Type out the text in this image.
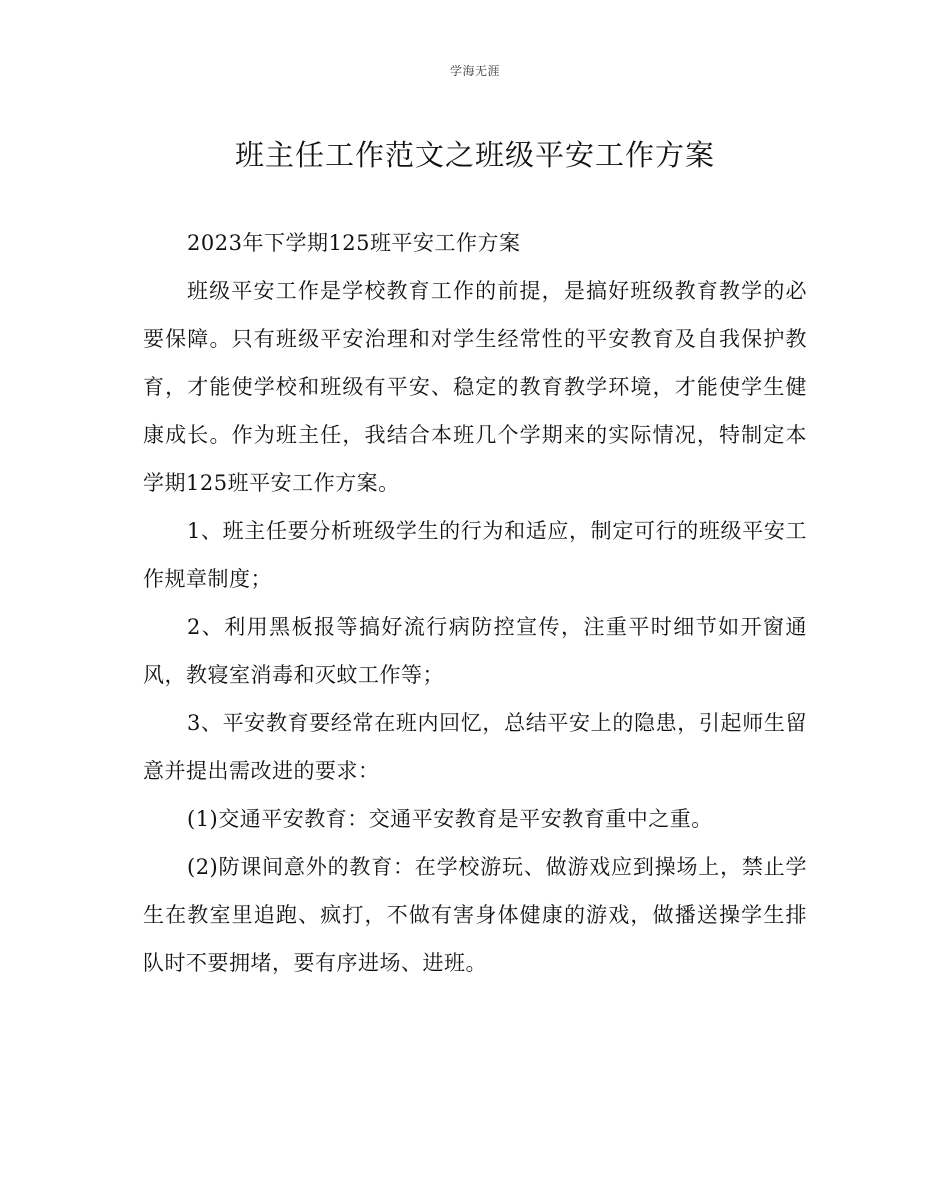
学海无涯
班主任工作范文之班级平安工作方案

2023年下学期125班平安工作方案

班级平安工作是学校教育工作的前提，是搞好班级教育教学的必要保障。只有班级平安治理和对学生经常性的平安教育及自我保护教育，才能使学校和班级有平安、稳定的教育教学环境，才能使学生健康成长。作为班主任，我结合本班几个学期来的实际情况，特制定本学期125班平安工作方案。

1、班主任要分析班级学生的行为和适应，制定可行的班级平安工作规章制度；

2、利用黑板报等搞好流行病防控宣传，注重平时细节如开窗通风，教寝室消毒和灭蚊工作等；

3、平安教育要经常在班内回忆，总结平安上的隐患，引起师生留意并提出需改进的要求：

(1)交通平安教育：交通平安教育是平安教育重中之重。

(2)防课间意外的教育：在学校游玩、做游戏应到操场上，禁止学生在教室里追跑、疯打，不做有害身体健康的游戏，做播送操学生排队时不要拥堵，要有序进场、进班。
